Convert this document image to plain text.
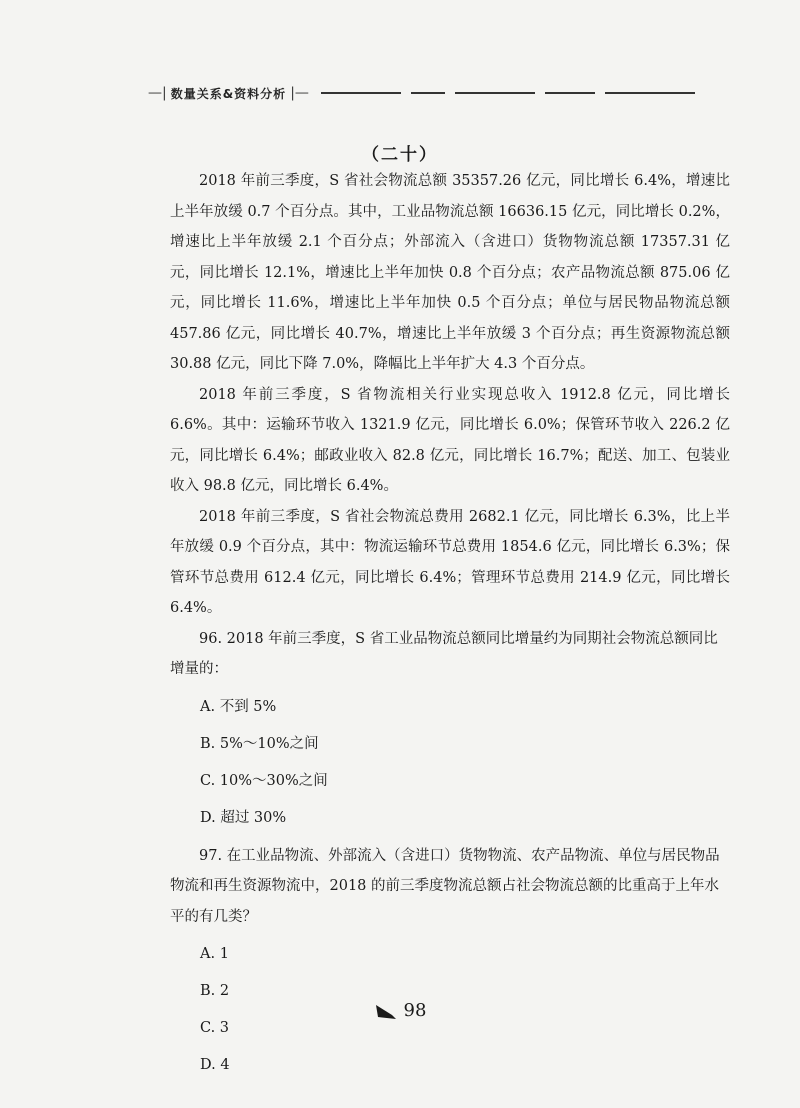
—| 数量关系&资料分析 |—
（二十）

2018 年前三季度，S 省社会物流总额 35357.26 亿元，同比增长 6.4%，增速比上半年放缓 0.7 个百分点。其中，工业品物流总额 16636.15 亿元，同比增长 0.2%，增速比上半年放缓 2.1 个百分点；外部流入（含进口）货物物流总额 17357.31 亿元，同比增长 12.1%，增速比上半年加快 0.8 个百分点；农产品物流总额 875.06 亿元，同比增长 11.6%，增速比上半年加快 0.5 个百分点；单位与居民物品物流总额 457.86 亿元，同比增长 40.7%，增速比上半年放缓 3 个百分点；再生资源物流总额 30.88 亿元，同比下降 7.0%，降幅比上半年扩大 4.3 个百分点。

2018 年前三季度，S 省物流相关行业实现总收入 1912.8 亿元，同比增长 6.6%。其中：运输环节收入 1321.9 亿元，同比增长 6.0%；保管环节收入 226.2 亿元，同比增长 6.4%；邮政业收入 82.8 亿元，同比增长 16.7%；配送、加工、包装业收入 98.8 亿元，同比增长 6.4%。

2018 年前三季度，S 省社会物流总费用 2682.1 亿元，同比增长 6.3%，比上半年放缓 0.9 个百分点，其中：物流运输环节总费用 1854.6 亿元，同比增长 6.3%；保管环节总费用 612.4 亿元，同比增长 6.4%；管理环节总费用 214.9 亿元，同比增长 6.4%。

96. 2018 年前三季度，S 省工业品物流总额同比增量约为同期社会物流总额同比增量的：

A. 不到 5%

B. 5%～10%之间

C. 10%～30%之间

D. 超过 30%

97. 在工业品物流、外部流入（含进口）货物物流、农产品物流、单位与居民物品物流和再生资源物流中，2018 的前三季度物流总额占社会物流总额的比重高于上年水平的有几类？

A. 1

B. 2

C. 3

D. 4

98
